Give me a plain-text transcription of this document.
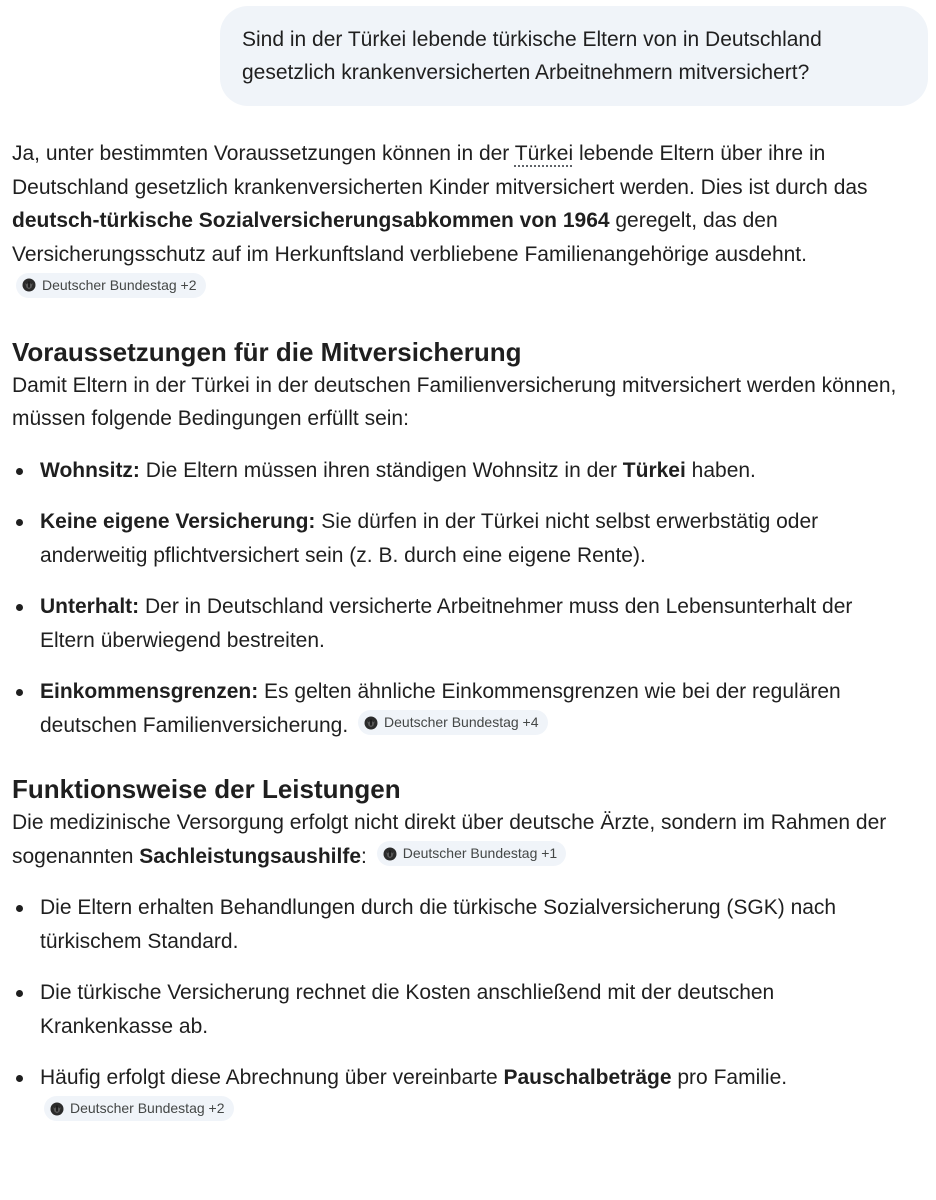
Sind in der Türkei lebende türkische Eltern von in Deutschland
gesetzlich krankenversicherten Arbeitnehmern mitversichert?

Ja, unter bestimmten Voraussetzungen können in der Türkei lebende Eltern über ihre in Deutschland gesetzlich krankenversicherten Kinder mitversichert werden. Dies ist durch das deutsch-türkische Sozialversicherungsabkommen von 1964 geregelt, das den Versicherungsschutz auf im Herkunftsland verbliebene Familienangehörige ausdehnt.
Deutscher Bundestag +2

Voraussetzungen für die Mitversicherung

Damit Eltern in der Türkei in der deutschen Familienversicherung mitversichert werden können, müssen folgende Bedingungen erfüllt sein:

Wohnsitz: Die Eltern müssen ihren ständigen Wohnsitz in der Türkei haben.
Keine eigene Versicherung: Sie dürfen in der Türkei nicht selbst erwerbstätig oder anderweitig pflichtversichert sein (z. B. durch eine eigene Rente).
Unterhalt: Der in Deutschland versicherte Arbeitnehmer muss den Lebensunterhalt der Eltern überwiegend bestreiten.
Einkommensgrenzen: Es gelten ähnliche Einkommensgrenzen wie bei der regulären deutschen Familienversicherung.	Deutscher Bundestag +4
Funktionsweise der Leistungen

Die medizinische Versorgung erfolgt nicht direkt über deutsche Ärzte, sondern im Rahmen der sogenannten Sachleistungsaushilfe:	Deutscher Bundestag +1

Die Eltern erhalten Behandlungen durch die türkische Sozialversicherung (SGK) nach türkischem Standard.
Die türkische Versicherung rechnet die Kosten anschließend mit der deutschen Krankenkasse ab.
Häufig erfolgt diese Abrechnung über vereinbarte Pauschalbeträge pro Familie.
Deutscher Bundestag +2
